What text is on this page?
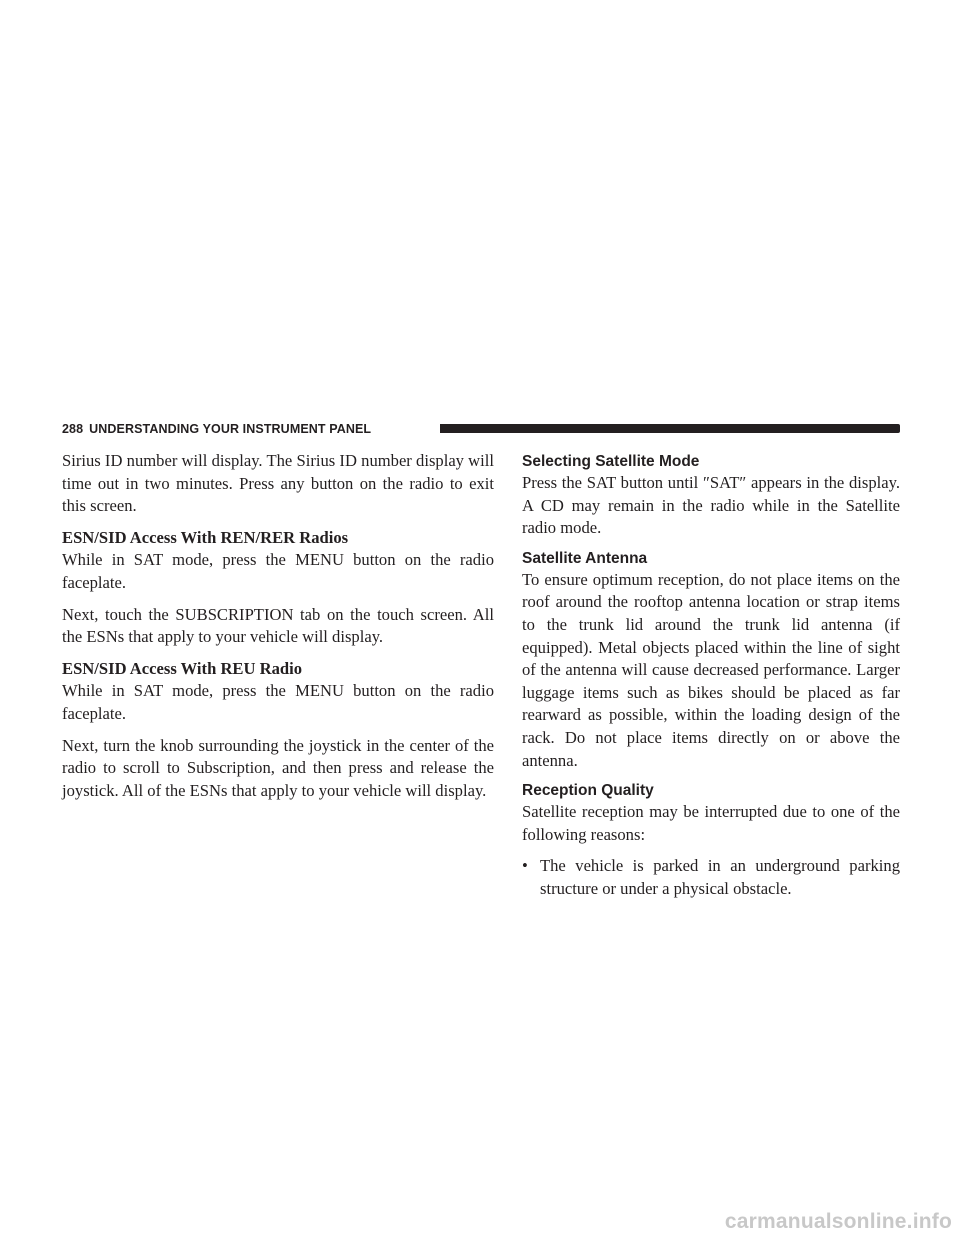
288 UNDERSTANDING YOUR INSTRUMENT PANEL

Sirius ID number will display. The Sirius ID number display will time out in two minutes. Press any button on the radio to exit this screen.

ESN/SID Access With REN/RER Radios

While in SAT mode, press the MENU button on the radio faceplate.

Next, touch the SUBSCRIPTION tab on the touch screen. All the ESNs that apply to your vehicle will display.

ESN/SID Access With REU Radio

While in SAT mode, press the MENU button on the radio faceplate.

Next, turn the knob surrounding the joystick in the center of the radio to scroll to Subscription, and then press and release the joystick. All of the ESNs that apply to your vehicle will display.

Selecting Satellite Mode

Press the SAT button until ″SAT″ appears in the display. A CD may remain in the radio while in the Satellite radio mode.

Satellite Antenna

To ensure optimum reception, do not place items on the roof around the rooftop antenna location or strap items to the trunk lid around the trunk lid antenna (if equipped). Metal objects placed within the line of sight of the antenna will cause decreased performance. Larger luggage items such as bikes should be placed as far rearward as possible, within the loading design of the rack. Do not place items directly on or above the antenna.

Reception Quality

Satellite reception may be interrupted due to one of the following reasons:

• The vehicle is parked in an underground parking structure or under a physical obstacle.
carmanualsonline.info
